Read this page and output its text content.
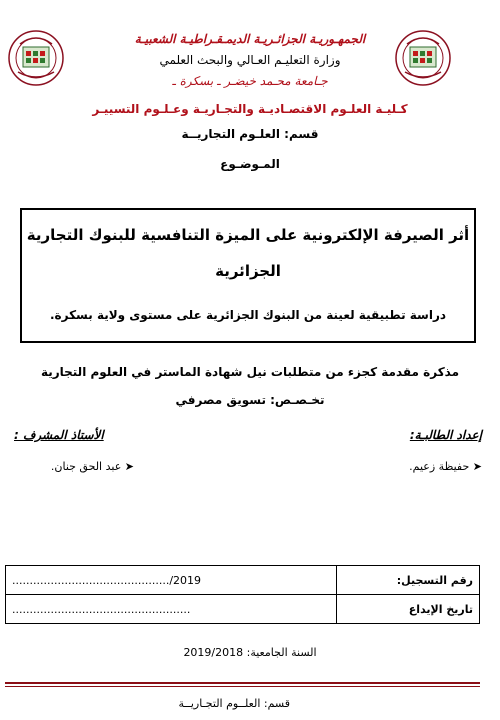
الجمهـوريـة الجزائـريـة الديمـقـراطيـة الشعبيـة
وزارة التعليـم العـالي والبحث العلمي
جـامعة محـمد خيضـر ـ بسكرة ـ
كـليـة العلـوم الاقتصـاديـة والتجـاريـة وعـلـوم التسييـر
قسم: العلـوم التجاريــة
المـوضـوع
أثر الصيرفة الإلكترونية على الميزة التنافسية للبنوك التجارية
الجزائرية
دراسة تطبيقية لعينة من البنوك الجزائرية على مستوى ولاية بسكرة.
مذكرة مقدمة كجزء من متطلبات نيل شهادة الماستر في العلوم التجارية
تخـصـص: تسويق مصرفي
إعداد الطالبـة:
الأستاذ المشرف :
➤ حفيظة زعيم.
➤ عبد الحق جنان.
رقم التسجيل:	............................................./2019
تاريخ الإيداع	...................................................
السنة الجامعية: 2019/2018
قسم: العلــوم التجـاريــة
